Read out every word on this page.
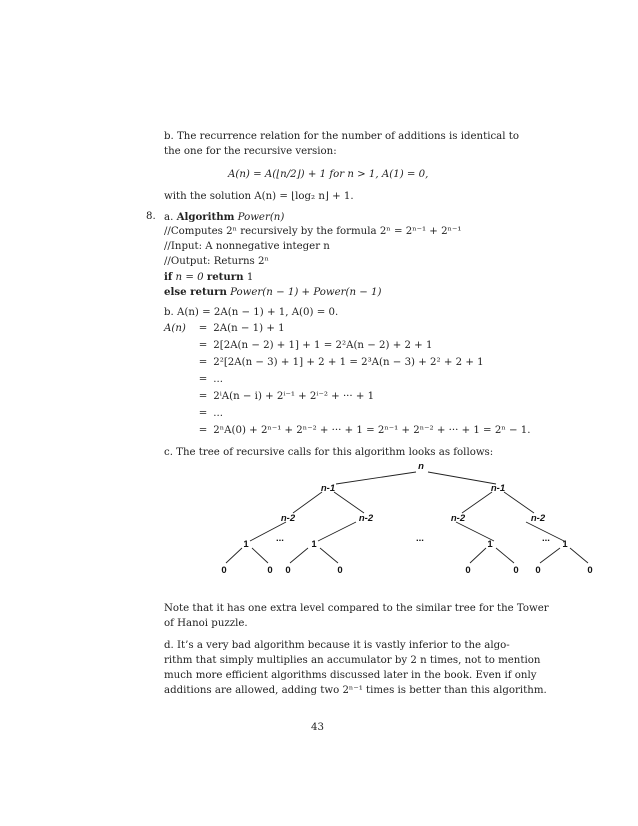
b. The recurrence relation for the number of additions is identical to
the one for the recursive version:
A(n) = A(⌊n/2⌋) + 1 for n > 1, A(1) = 0,
with the solution A(n) = ⌊log₂ n⌋ + 1.
8. a. Algorithm Power(n)
//Computes 2ⁿ recursively by the formula 2ⁿ = 2ⁿ⁻¹ + 2ⁿ⁻¹
//Input: A nonnegative integer n
//Output: Returns 2ⁿ
if n = 0 return 1
else return Power(n − 1) + Power(n − 1)
b. A(n) = 2A(n − 1) + 1, A(0) = 0.
A(n) = 2A(n − 1) + 1
= 2[2A(n − 2) + 1] + 1 = 2²A(n − 2) + 2 + 1
= 2²[2A(n − 3) + 1] + 2 + 1 = 2³A(n − 3) + 2² + 2 + 1
= ...
= 2ⁱA(n − i) + 2ⁱ⁻¹ + 2ⁱ⁻² + ··· + 1
= ...
= 2ⁿA(0) + 2ⁿ⁻¹ + 2ⁿ⁻² + ··· + 1 = 2ⁿ⁻¹ + 2ⁿ⁻² + ··· + 1 = 2ⁿ − 1.
c. The tree of recursive calls for this algorithm looks as follows:
n
n-1	n-1
n-2	n-2	n-2	n-2
...	...	...
1	1	1	1
0	0 0	0	0	0 0	0
Note that it has one extra level compared to the similar tree for the Tower
of Hanoi puzzle.
d. It’s a very bad algorithm because it is vastly inferior to the algo-
rithm that simply multiplies an accumulator by 2 n times, not to mention
much more efficient algorithms discussed later in the book. Even if only
additions are allowed, adding two 2ⁿ⁻¹ times is better than this algorithm.
43
